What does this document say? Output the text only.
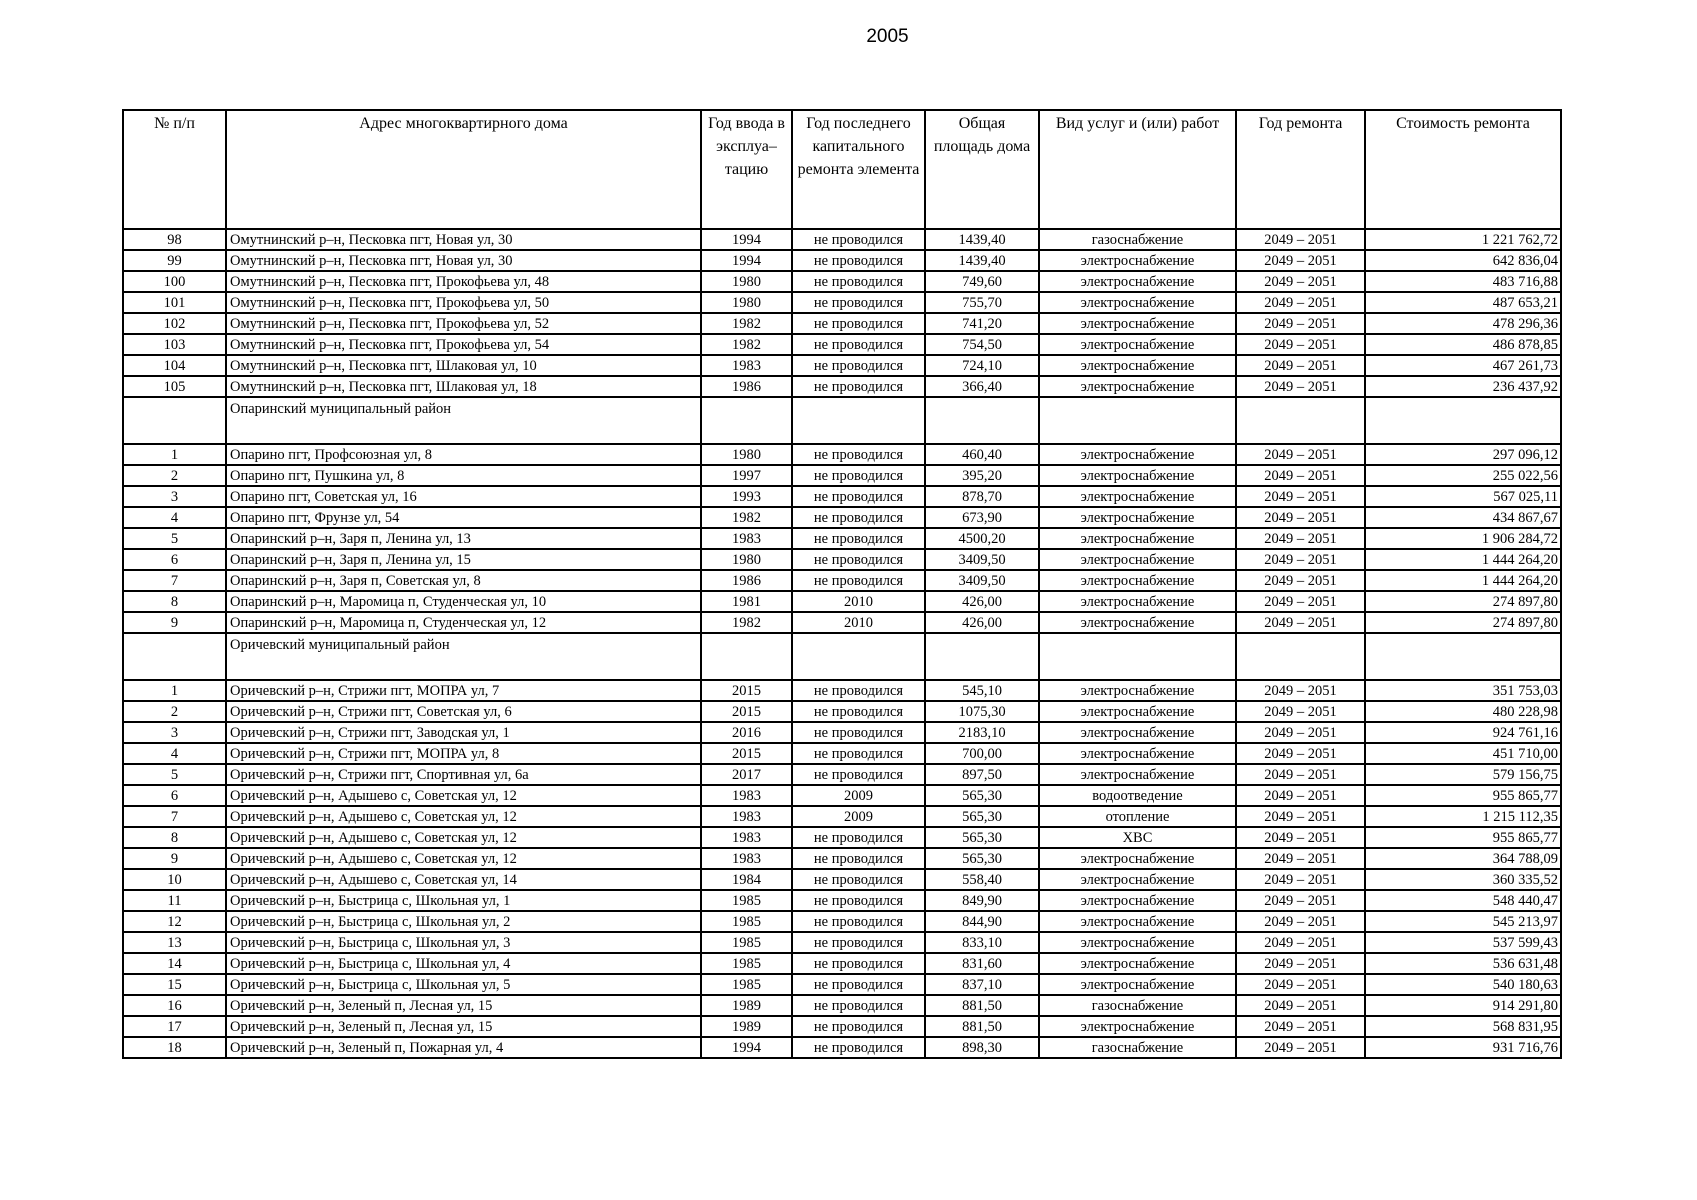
2005
№ п/п	Адрес многоквартирного дома	Год ввода в эксплуа–тацию	Год последнего капитального ремонта элемента	Общая площадь дома	Вид услуг и (или) работ	Год ремонта	Стоимость ремонта
98	Омутнинский р–н, Песковка пгт, Новая ул, 30	1994	не проводился	1439,40	газоснабжение	2049 – 2051	1 221 762,72
99	Омутнинский р–н, Песковка пгт, Новая ул, 30	1994	не проводился	1439,40	электроснабжение	2049 – 2051	642 836,04
100	Омутнинский р–н, Песковка пгт, Прокофьева ул, 48	1980	не проводился	749,60	электроснабжение	2049 – 2051	483 716,88
101	Омутнинский р–н, Песковка пгт, Прокофьева ул, 50	1980	не проводился	755,70	электроснабжение	2049 – 2051	487 653,21
102	Омутнинский р–н, Песковка пгт, Прокофьева ул, 52	1982	не проводился	741,20	электроснабжение	2049 – 2051	478 296,36
103	Омутнинский р–н, Песковка пгт, Прокофьева ул, 54	1982	не проводился	754,50	электроснабжение	2049 – 2051	486 878,85
104	Омутнинский р–н, Песковка пгт, Шлаковая ул, 10	1983	не проводился	724,10	электроснабжение	2049 – 2051	467 261,73
105	Омутнинский р–н, Песковка пгт, Шлаковая ул, 18	1986	не проводился	366,40	электроснабжение	2049 – 2051	236 437,92
	Опаринский муниципальный район						
1	Опарино пгт, Профсоюзная ул, 8	1980	не проводился	460,40	электроснабжение	2049 – 2051	297 096,12
2	Опарино пгт, Пушкина ул, 8	1997	не проводился	395,20	электроснабжение	2049 – 2051	255 022,56
3	Опарино пгт, Советская ул, 16	1993	не проводился	878,70	электроснабжение	2049 – 2051	567 025,11
4	Опарино пгт, Фрунзе ул, 54	1982	не проводился	673,90	электроснабжение	2049 – 2051	434 867,67
5	Опаринский р–н, Заря п, Ленина ул, 13	1983	не проводился	4500,20	электроснабжение	2049 – 2051	1 906 284,72
6	Опаринский р–н, Заря п, Ленина ул, 15	1980	не проводился	3409,50	электроснабжение	2049 – 2051	1 444 264,20
7	Опаринский р–н, Заря п, Советская ул, 8	1986	не проводился	3409,50	электроснабжение	2049 – 2051	1 444 264,20
8	Опаринский р–н, Маромица п, Студенческая ул, 10	1981	2010	426,00	электроснабжение	2049 – 2051	274 897,80
9	Опаринский р–н, Маромица п, Студенческая ул, 12	1982	2010	426,00	электроснабжение	2049 – 2051	274 897,80
	Оричевский муниципальный район						
1	Оричевский р–н, Стрижи пгт, МОПРА ул, 7	2015	не проводился	545,10	электроснабжение	2049 – 2051	351 753,03
2	Оричевский р–н, Стрижи пгт, Советская ул, 6	2015	не проводился	1075,30	электроснабжение	2049 – 2051	480 228,98
3	Оричевский р–н, Стрижи пгт, Заводская ул, 1	2016	не проводился	2183,10	электроснабжение	2049 – 2051	924 761,16
4	Оричевский р–н, Стрижи пгт, МОПРА ул, 8	2015	не проводился	700,00	электроснабжение	2049 – 2051	451 710,00
5	Оричевский р–н, Стрижи пгт, Спортивная ул, 6а	2017	не проводился	897,50	электроснабжение	2049 – 2051	579 156,75
6	Оричевский р–н, Адышево с, Советская ул, 12	1983	2009	565,30	водоотведение	2049 – 2051	955 865,77
7	Оричевский р–н, Адышево с, Советская ул, 12	1983	2009	565,30	отопление	2049 – 2051	1 215 112,35
8	Оричевский р–н, Адышево с, Советская ул, 12	1983	не проводился	565,30	ХВС	2049 – 2051	955 865,77
9	Оричевский р–н, Адышево с, Советская ул, 12	1983	не проводился	565,30	электроснабжение	2049 – 2051	364 788,09
10	Оричевский р–н, Адышево с, Советская ул, 14	1984	не проводился	558,40	электроснабжение	2049 – 2051	360 335,52
11	Оричевский р–н, Быстрица с, Школьная ул, 1	1985	не проводился	849,90	электроснабжение	2049 – 2051	548 440,47
12	Оричевский р–н, Быстрица с, Школьная ул, 2	1985	не проводился	844,90	электроснабжение	2049 – 2051	545 213,97
13	Оричевский р–н, Быстрица с, Школьная ул, 3	1985	не проводился	833,10	электроснабжение	2049 – 2051	537 599,43
14	Оричевский р–н, Быстрица с, Школьная ул, 4	1985	не проводился	831,60	электроснабжение	2049 – 2051	536 631,48
15	Оричевский р–н, Быстрица с, Школьная ул, 5	1985	не проводился	837,10	электроснабжение	2049 – 2051	540 180,63
16	Оричевский р–н, Зеленый п, Лесная ул, 15	1989	не проводился	881,50	газоснабжение	2049 – 2051	914 291,80
17	Оричевский р–н, Зеленый п, Лесная ул, 15	1989	не проводился	881,50	электроснабжение	2049 – 2051	568 831,95
18	Оричевский р–н, Зеленый п, Пожарная ул, 4	1994	не проводился	898,30	газоснабжение	2049 – 2051	931 716,76
